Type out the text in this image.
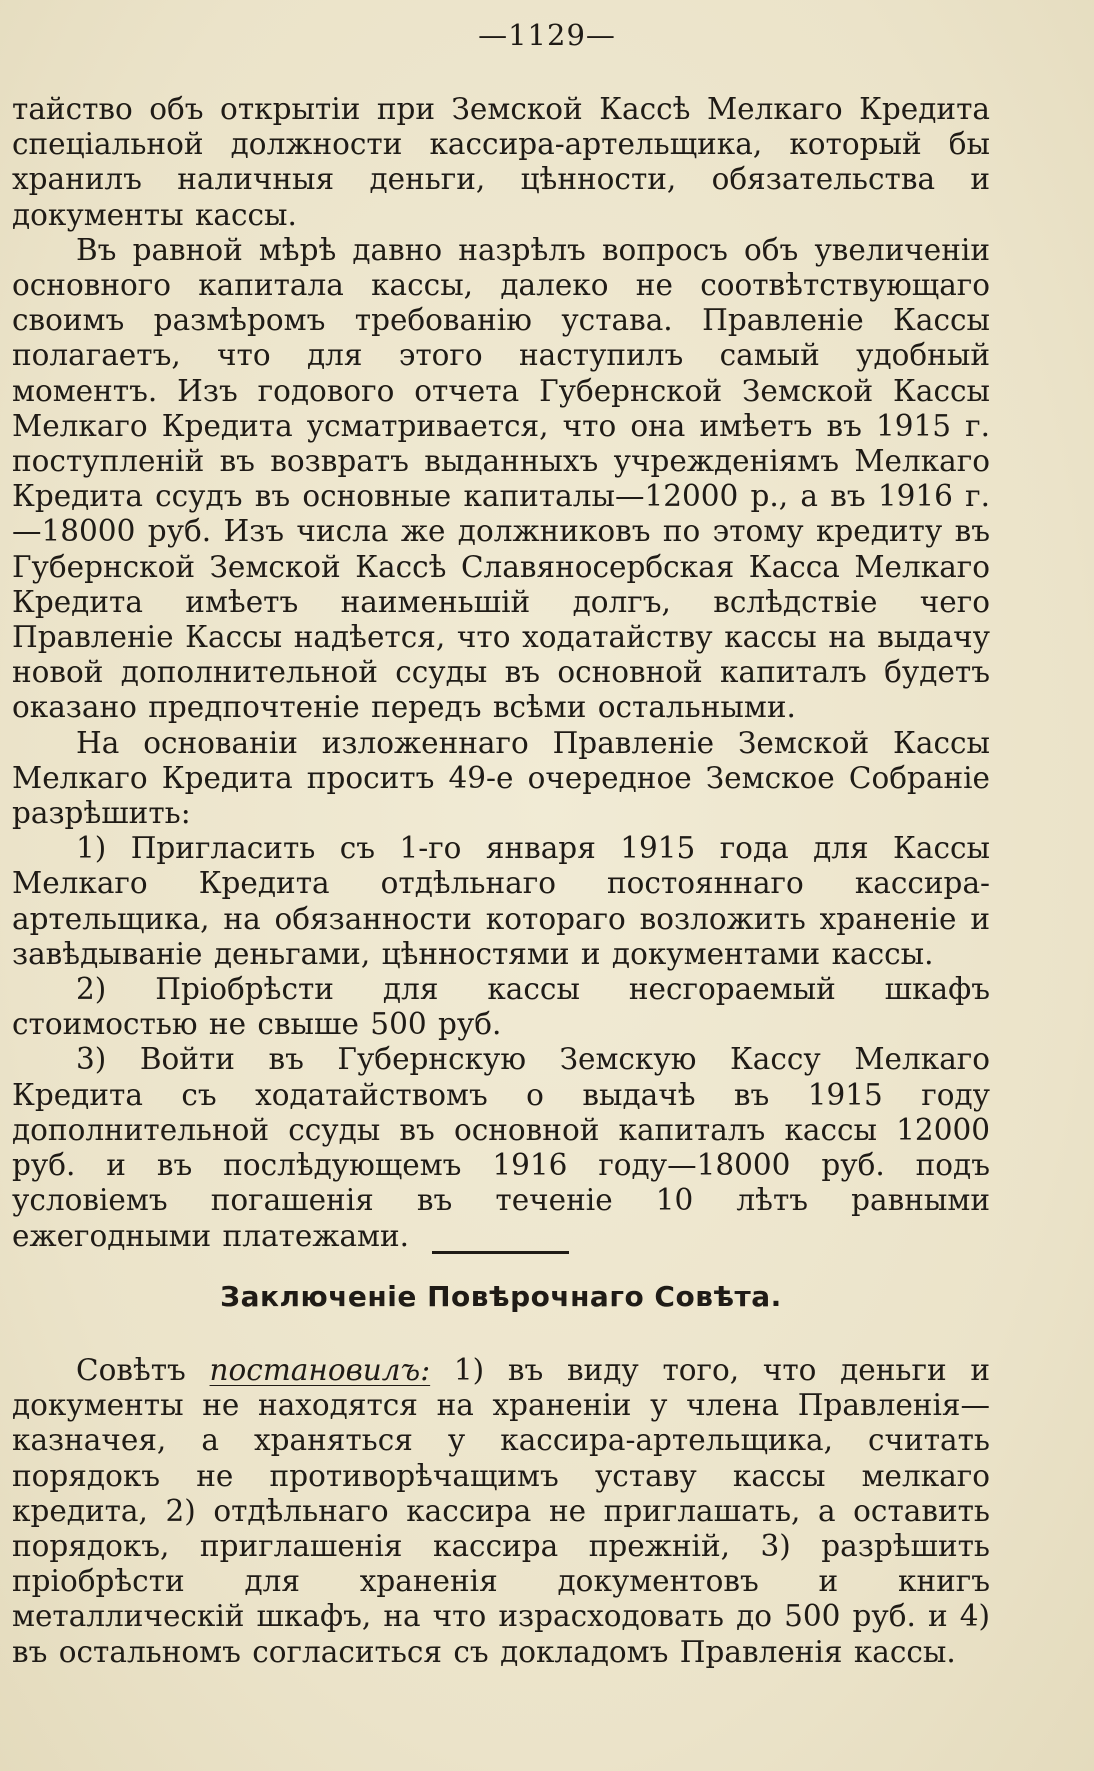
—1129—

тайство объ открытіи при Земской Кассѣ Мелкаго Кредита спеціальной должности кассира-артельщика, который бы хранилъ наличныя деньги, цѣнности, обязательства и документы кассы.

Въ равной мѣрѣ давно назрѣлъ вопросъ объ увеличеніи основного капитала кассы, далеко не соотвѣтствующаго своимъ размѣромъ требованію устава. Правленіе Кассы полагаетъ, что для этого наступилъ самый удобный моментъ. Изъ годового отчета Губернской Земской Кассы Мелкаго Кредита усматривается, что она имѣетъ въ 1915 г. поступленій въ возвратъ выданныхъ учрежденіямъ Мелкаго Кредита ссудъ въ основные капиталы—12000 р., а въ 1916 г.—18000 руб. Изъ числа же должниковъ по этому кредиту въ Губернской Земской Кассѣ Славяносербская Касса Мелкаго Кредита имѣетъ наименьшій долгъ, вслѣдствіе чего Правленіе Кассы надѣется, что ходатайству кассы на выдачу новой дополнительной ссуды въ основной капиталъ будетъ оказано предпочтеніе передъ всѣми остальными.

На основаніи изложеннаго Правленіе Земской Кассы Мелкаго Кредита проситъ 49-е очередное Земское Собраніе разрѣшить:

1) Пригласить съ 1-го января 1915 года для Кассы Мелкаго Кредита отдѣльнаго постояннаго кассира-артельщика, на обязанности котораго возложить храненіе и завѣдываніе деньгами, цѣнностями и документами кассы.

2) Пріобрѣсти для кассы несгораемый шкафъ стоимостью не свыше 500 руб.

3) Войти въ Губернскую Земскую Кассу Мелкаго Кредита съ ходатайствомъ о выдачѣ въ 1915 году дополнительной ссуды въ основной капиталъ кассы 12000 руб. и въ послѣдующемъ 1916 году—18000 руб. подъ условіемъ погашенія въ теченіе 10 лѣтъ равными ежегодными платежами.

Заключеніе Повѣрочнаго Совѣта.

Совѣтъ постановилъ: 1) въ виду того, что деньги и документы не находятся на храненіи у члена Правленія— казначея, а храняться у кассира-артельщика, считать порядокъ не противорѣчащимъ уставу кассы мелкаго кредита, 2) отдѣльнаго кассира не приглашать, а оставить порядокъ, приглашенія кассира прежній, 3) разрѣшить пріобрѣсти для храненія документовъ и книгъ металлическій шкафъ, на что израсходовать до 500 руб. и 4) въ остальномъ согласиться съ докладомъ Правленія кассы.
